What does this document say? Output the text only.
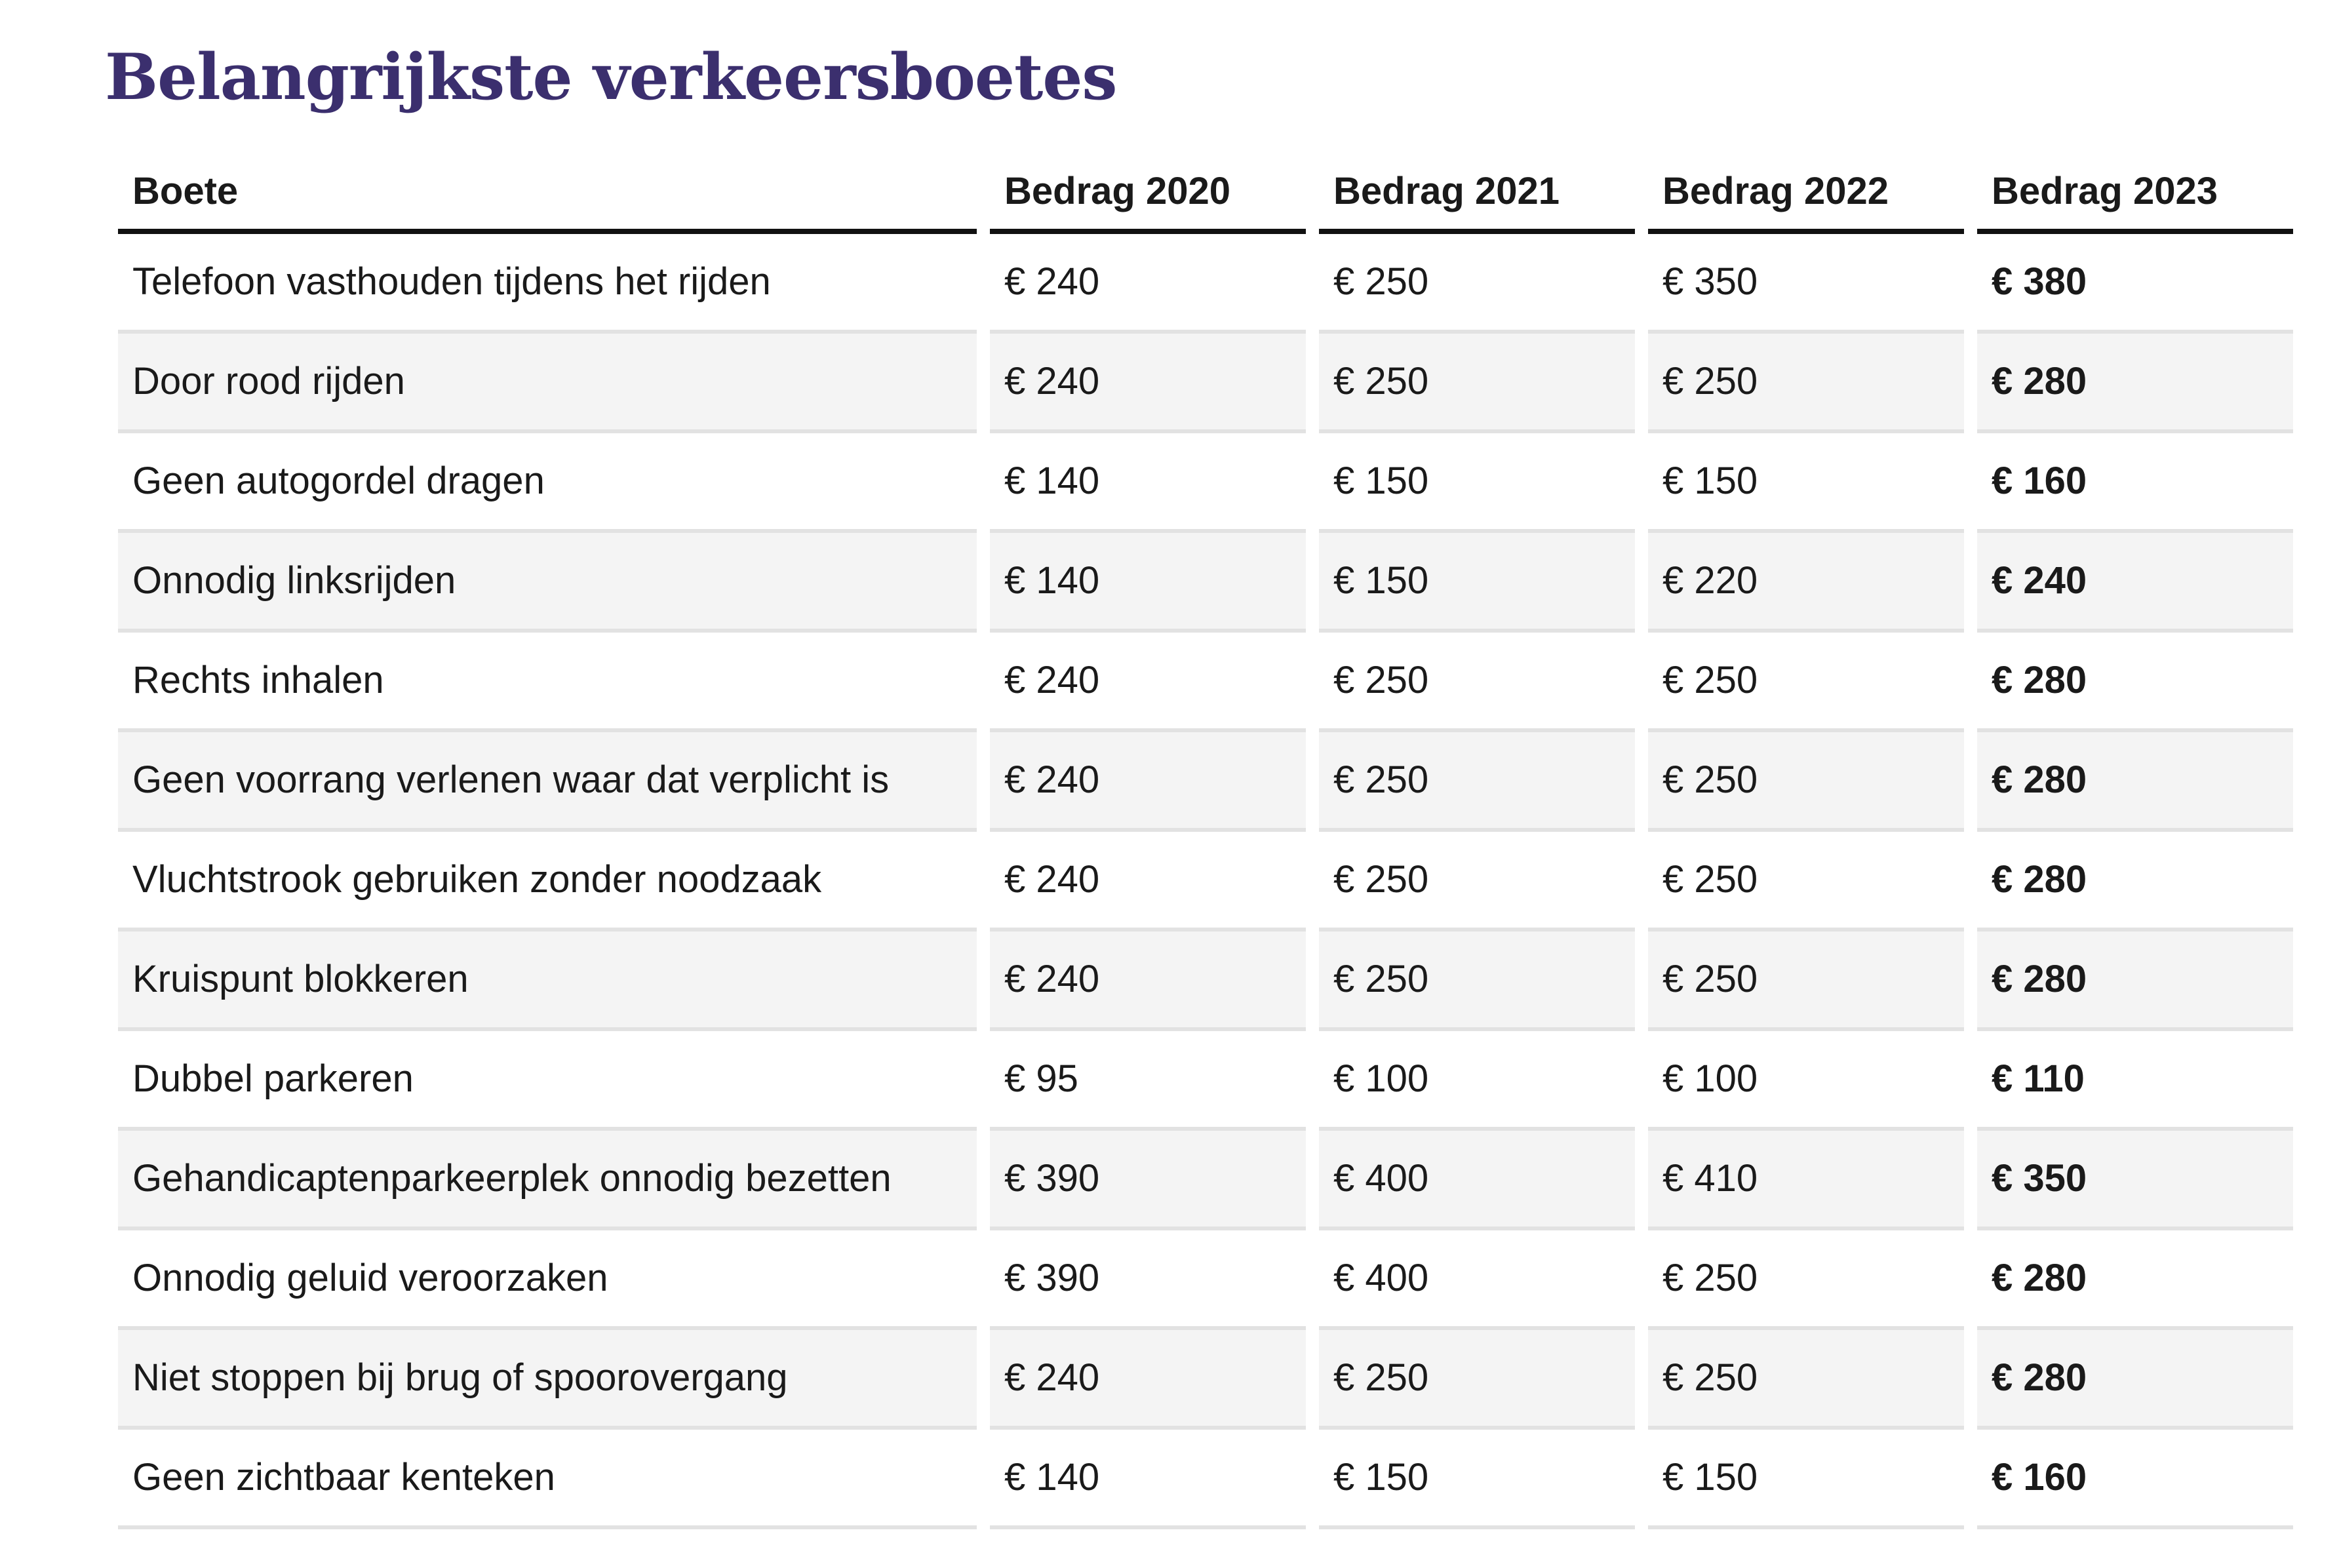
Belangrijkste verkeersboetes
Boete	Bedrag 2020	Bedrag 2021	Bedrag 2022	Bedrag 2023
Telefoon vasthouden tijdens het rijden	€ 240	€ 250	€ 350	€ 380
Door rood rijden	€ 240	€ 250	€ 250	€ 280
Geen autogordel dragen	€ 140	€ 150	€ 150	€ 160
Onnodig linksrijden	€ 140	€ 150	€ 220	€ 240
Rechts inhalen	€ 240	€ 250	€ 250	€ 280
Geen voorrang verlenen waar dat verplicht is	€ 240	€ 250	€ 250	€ 280
Vluchtstrook gebruiken zonder noodzaak	€ 240	€ 250	€ 250	€ 280
Kruispunt blokkeren	€ 240	€ 250	€ 250	€ 280
Dubbel parkeren	€ 95	€ 100	€ 100	€ 110
Gehandicaptenparkeerplek onnodig bezetten	€ 390	€ 400	€ 410	€ 350
Onnodig geluid veroorzaken	€ 390	€ 400	€ 250	€ 280
Niet stoppen bij brug of spoorovergang	€ 240	€ 250	€ 250	€ 280
Geen zichtbaar kenteken	€ 140	€ 150	€ 150	€ 160
